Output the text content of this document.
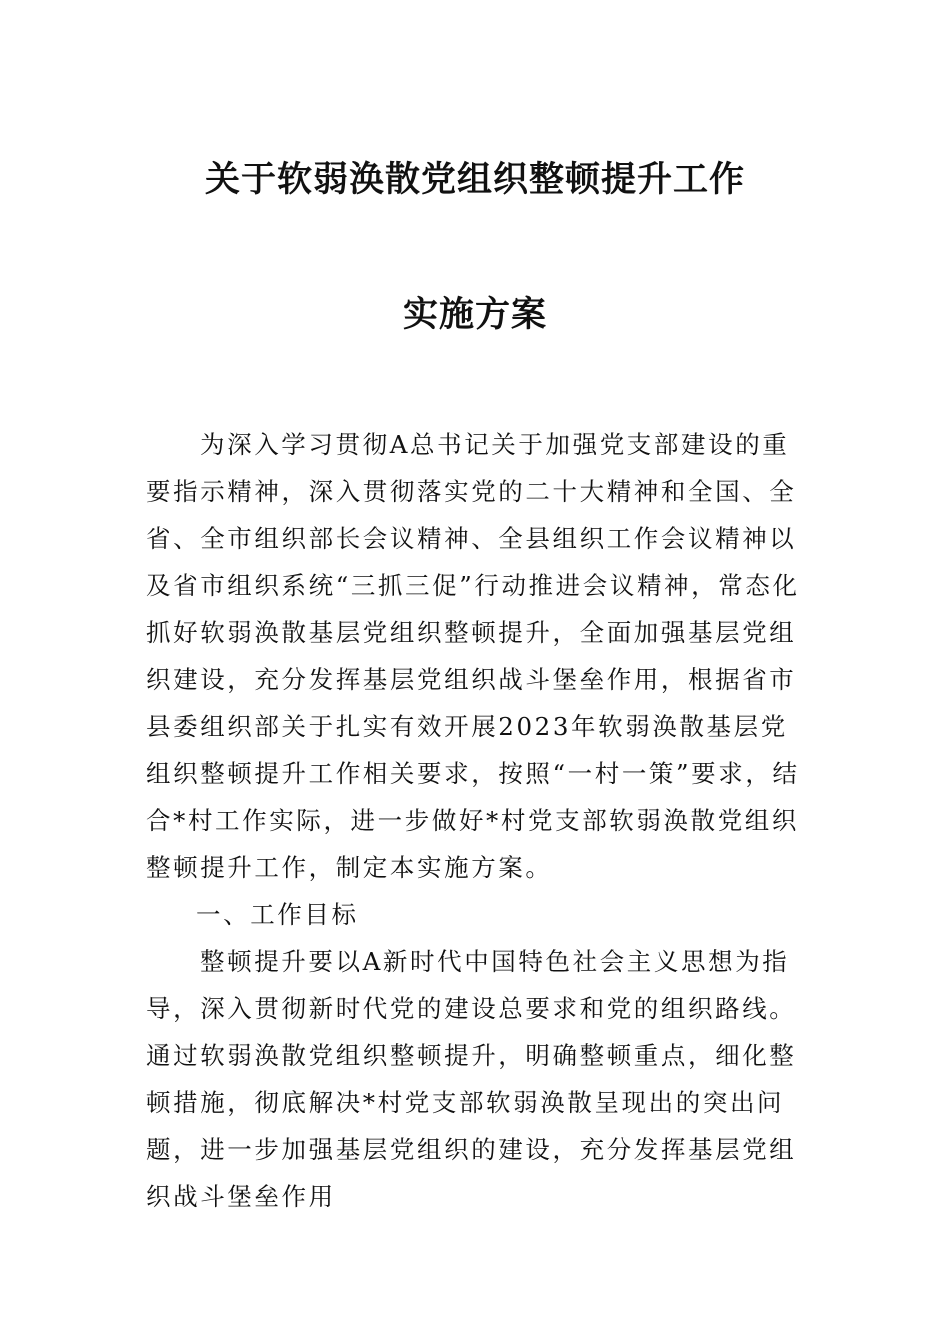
关于软弱涣散党组织整顿提升工作
实施方案

为深入学习贯彻A总书记关于加强党支部建设的重要指示精神，深入贯彻落实党的二十大精神和全国、全省、全市组织部长会议精神、全县组织工作会议精神以及省市组织系统“三抓三促”行动推进会议精神，常态化抓好软弱涣散基层党组织整顿提升，全面加强基层党组织建设，充分发挥基层党组织战斗堡垒作用，根据省市县委组织部关于扎实有效开展2023年软弱涣散基层党组织整顿提升工作相关要求，按照“一村一策”要求，结合*村工作实际，进一步做好*村党支部软弱涣散党组织整顿提升工作，制定本实施方案。

一、工作目标

整顿提升要以A新时代中国特色社会主义思想为指导，深入贯彻新时代党的建设总要求和党的组织路线。通过软弱涣散党组织整顿提升，明确整顿重点，细化整顿措施，彻底解决*村党支部软弱涣散呈现出的突出问题，进一步加强基层党组织的建设，充分发挥基层党组织战斗堡垒作用
